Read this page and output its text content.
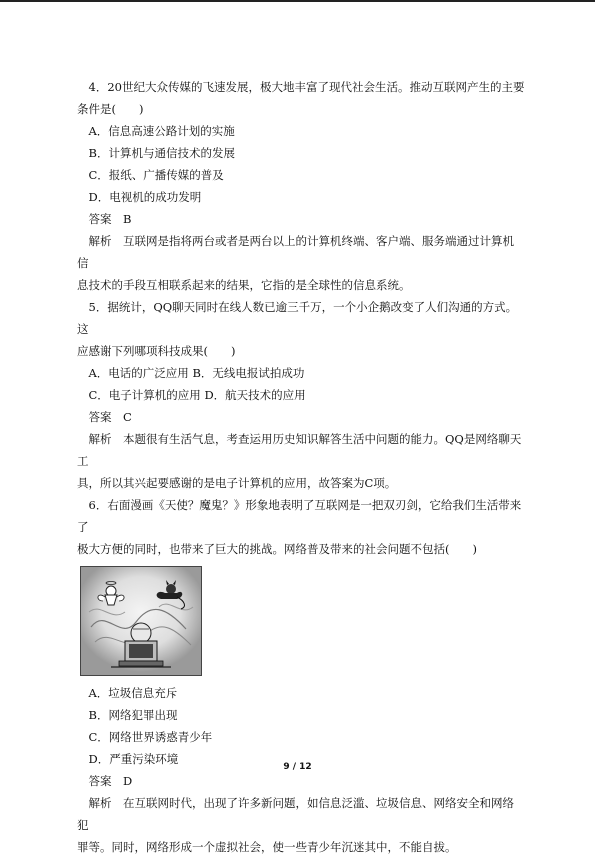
4．20世纪大众传媒的飞速发展，极大地丰富了现代社会生活。推动互联网产生的主要

条件是(　　)

A．信息高速公路计划的实施

B．计算机与通信技术的发展

C．报纸、广播传媒的普及

D．电视机的成功发明

答案　B

解析　互联网是指将两台或者是两台以上的计算机终端、客户端、服务端通过计算机信

息技术的手段互相联系起来的结果，它指的是全球性的信息系统。

5．据统计，QQ聊天同时在线人数已逾三千万，一个小企鹅改变了人们沟通的方式。这

应感谢下列哪项科技成果(　　)

A．电话的广泛应用 B．无线电报试拍成功

C．电子计算机的应用 D．航天技术的应用

答案　C

解析　本题很有生活气息，考查运用历史知识解答生活中问题的能力。QQ是网络聊天工

具，所以其兴起要感谢的是电子计算机的应用，故答案为C项。

6．右面漫画《天使？魔鬼？》形象地表明了互联网是一把双刃剑，它给我们生活带来了

极大方便的同时，也带来了巨大的挑战。网络普及带来的社会问题不包括(　　)

A．垃圾信息充斥

B．网络犯罪出现

C．网络世界诱惑青少年

D．严重污染环境

答案　D

解析　在互联网时代，出现了许多新问题，如信息泛滥、垃圾信息、网络安全和网络犯

罪等。同时，网络形成一个虚拟社会，使一些青少年沉迷其中，不能自拔。

9 / 12
